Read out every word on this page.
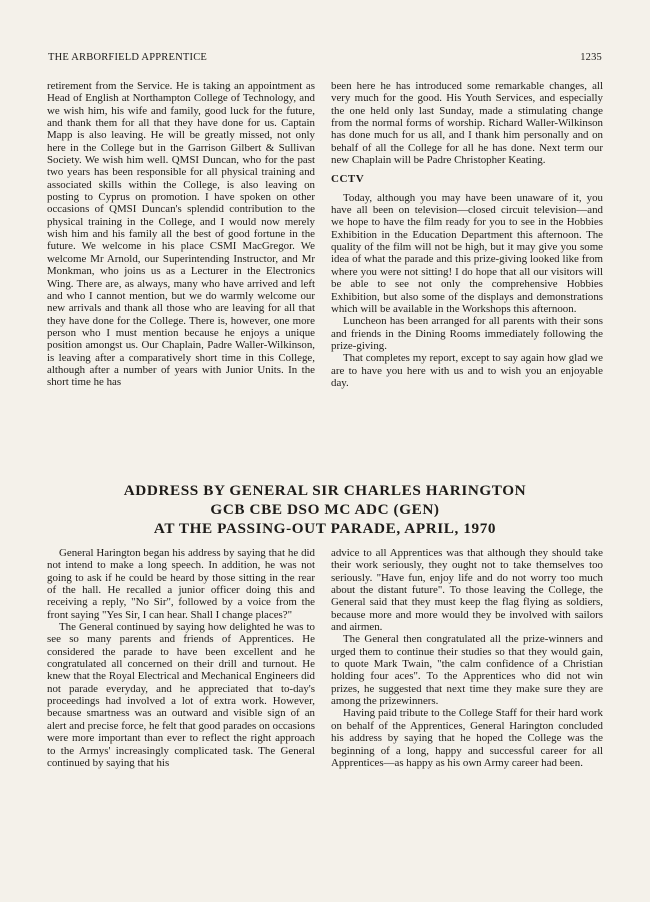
THE ARBORFIELD APPRENTICE	1235

retirement from the Service. He is taking an appointment as Head of English at Northampton College of Technology, and we wish him, his wife and family, good luck for the future, and thank them for all that they have done for us. Captain Mapp is also leaving. He will be greatly missed, not only here in the College but in the Garrison Gilbert & Sullivan Society. We wish him well. QMSI Duncan, who for the past two years has been responsible for all physical training and associated skills within the College, is also leaving on posting to Cyprus on promotion. I have spoken on other occasions of QMSI Duncan's splendid contribution to the physical training in the College, and I would now merely wish him and his family all the best of good fortune in the future. We welcome in his place CSMI MacGregor. We welcome Mr Arnold, our Superintending Instructor, and Mr Monkman, who joins us as a Lecturer in the Electronics Wing. There are, as always, many who have arrived and left and who I cannot mention, but we do warmly welcome our new arrivals and thank all those who are leaving for all that they have done for the College. There is, however, one more person who I must mention because he enjoys a unique position amongst us. Our Chaplain, Padre Waller-Wilkinson, is leaving after a comparatively short time in this College, although after a number of years with Junior Units. In the short time he has

been here he has introduced some remarkable changes, all very much for the good. His Youth Services, and especially the one held only last Sunday, made a stimulating change from the normal forms of worship. Richard Waller-Wilkinson has done much for us all, and I thank him personally and on behalf of all the College for all he has done. Next term our new Chaplain will be Padre Christopher Keating.

CCTV

Today, although you may have been unaware of it, you have all been on television—closed circuit television—and we hope to have the film ready for you to see in the Hobbies Exhibition in the Education Department this afternoon. The quality of the film will not be high, but it may give you some idea of what the parade and this prize-giving looked like from where you were not sitting! I do hope that all our visitors will be able to see not only the comprehensive Hobbies Exhibition, but also some of the displays and demonstrations which will be available in the Workshops this afternoon.

Luncheon has been arranged for all parents with their sons and friends in the Dining Rooms immediately following the prize-giving.

That completes my report, except to say again how glad we are to have you here with us and to wish you an enjoyable day.

ADDRESS BY GENERAL SIR CHARLES HARINGTON
GCB CBE DSO MC ADC (GEN)
AT THE PASSING-OUT PARADE, APRIL, 1970

General Harington began his address by saying that he did not intend to make a long speech. In addition, he was not going to ask if he could be heard by those sitting in the rear of the hall. He recalled a junior officer doing this and receiving a reply, "No Sir", followed by a voice from the front saying "Yes Sir, I can hear. Shall I change places?"

The General continued by saying how delighted he was to see so many parents and friends of Apprentices. He considered the parade to have been excellent and he congratulated all concerned on their drill and turnout. He knew that the Royal Electrical and Mechanical Engineers did not parade everyday, and he appreciated that to-day's proceedings had involved a lot of extra work. However, because smartness was an outward and visible sign of an alert and precise force, he felt that good parades on occasions were more important than ever to reflect the right approach to the Armys' increasingly complicated task. The General continued by saying that his

advice to all Apprentices was that although they should take their work seriously, they ought not to take themselves too seriously. "Have fun, enjoy life and do not worry too much about the distant future". To those leaving the College, the General said that they must keep the flag flying as soldiers, because more and more would they be involved with sailors and airmen.

The General then congratulated all the prize-winners and urged them to continue their studies so that they would gain, to quote Mark Twain, "the calm confidence of a Christian holding four aces". To the Apprentices who did not win prizes, he suggested that next time they make sure they are among the prizewinners.

Having paid tribute to the College Staff for their hard work on behalf of the Apprentices, General Harington concluded his address by saying that he hoped the College was the beginning of a long, happy and successful career for all Apprentices—as happy as his own Army career had been.
